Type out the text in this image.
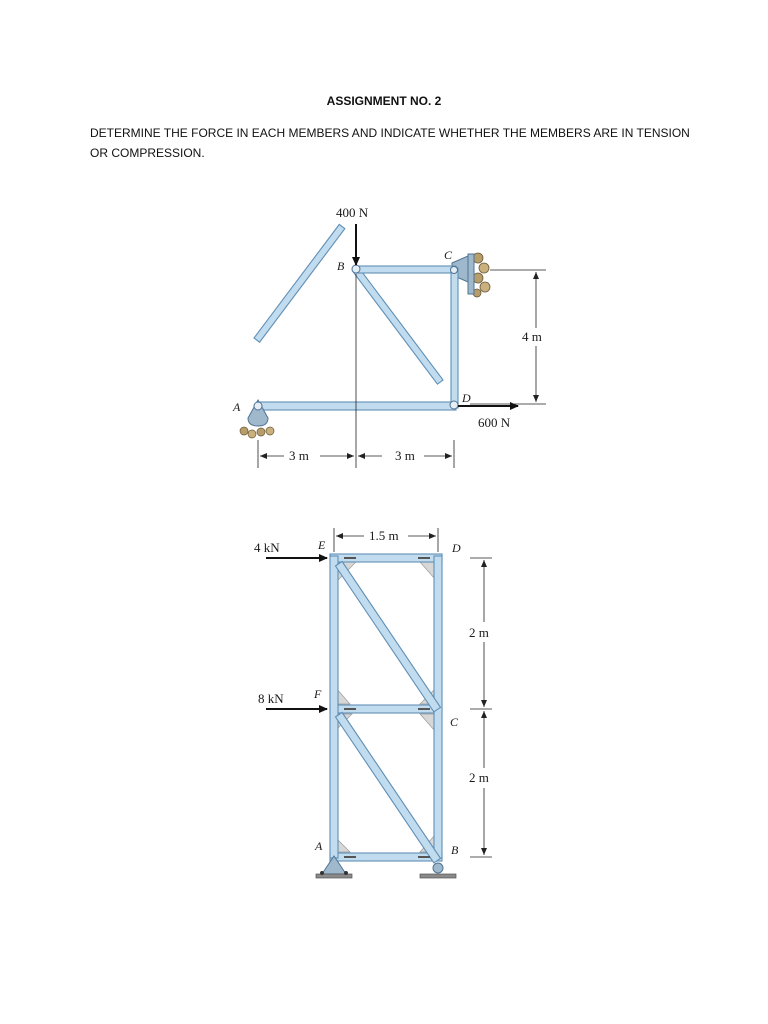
ASSIGNMENT NO. 2
DETERMINE THE FORCE IN EACH MEMBERS AND INDICATE WHETHER THE MEMBERS ARE IN TENSION
OR COMPRESSION.
400 N
600 N
A
B
C
D
3 m	3 m
4 m
4 kN
8 kN
E
F
A
D
C
B
1.5 m
2 m
2 m
